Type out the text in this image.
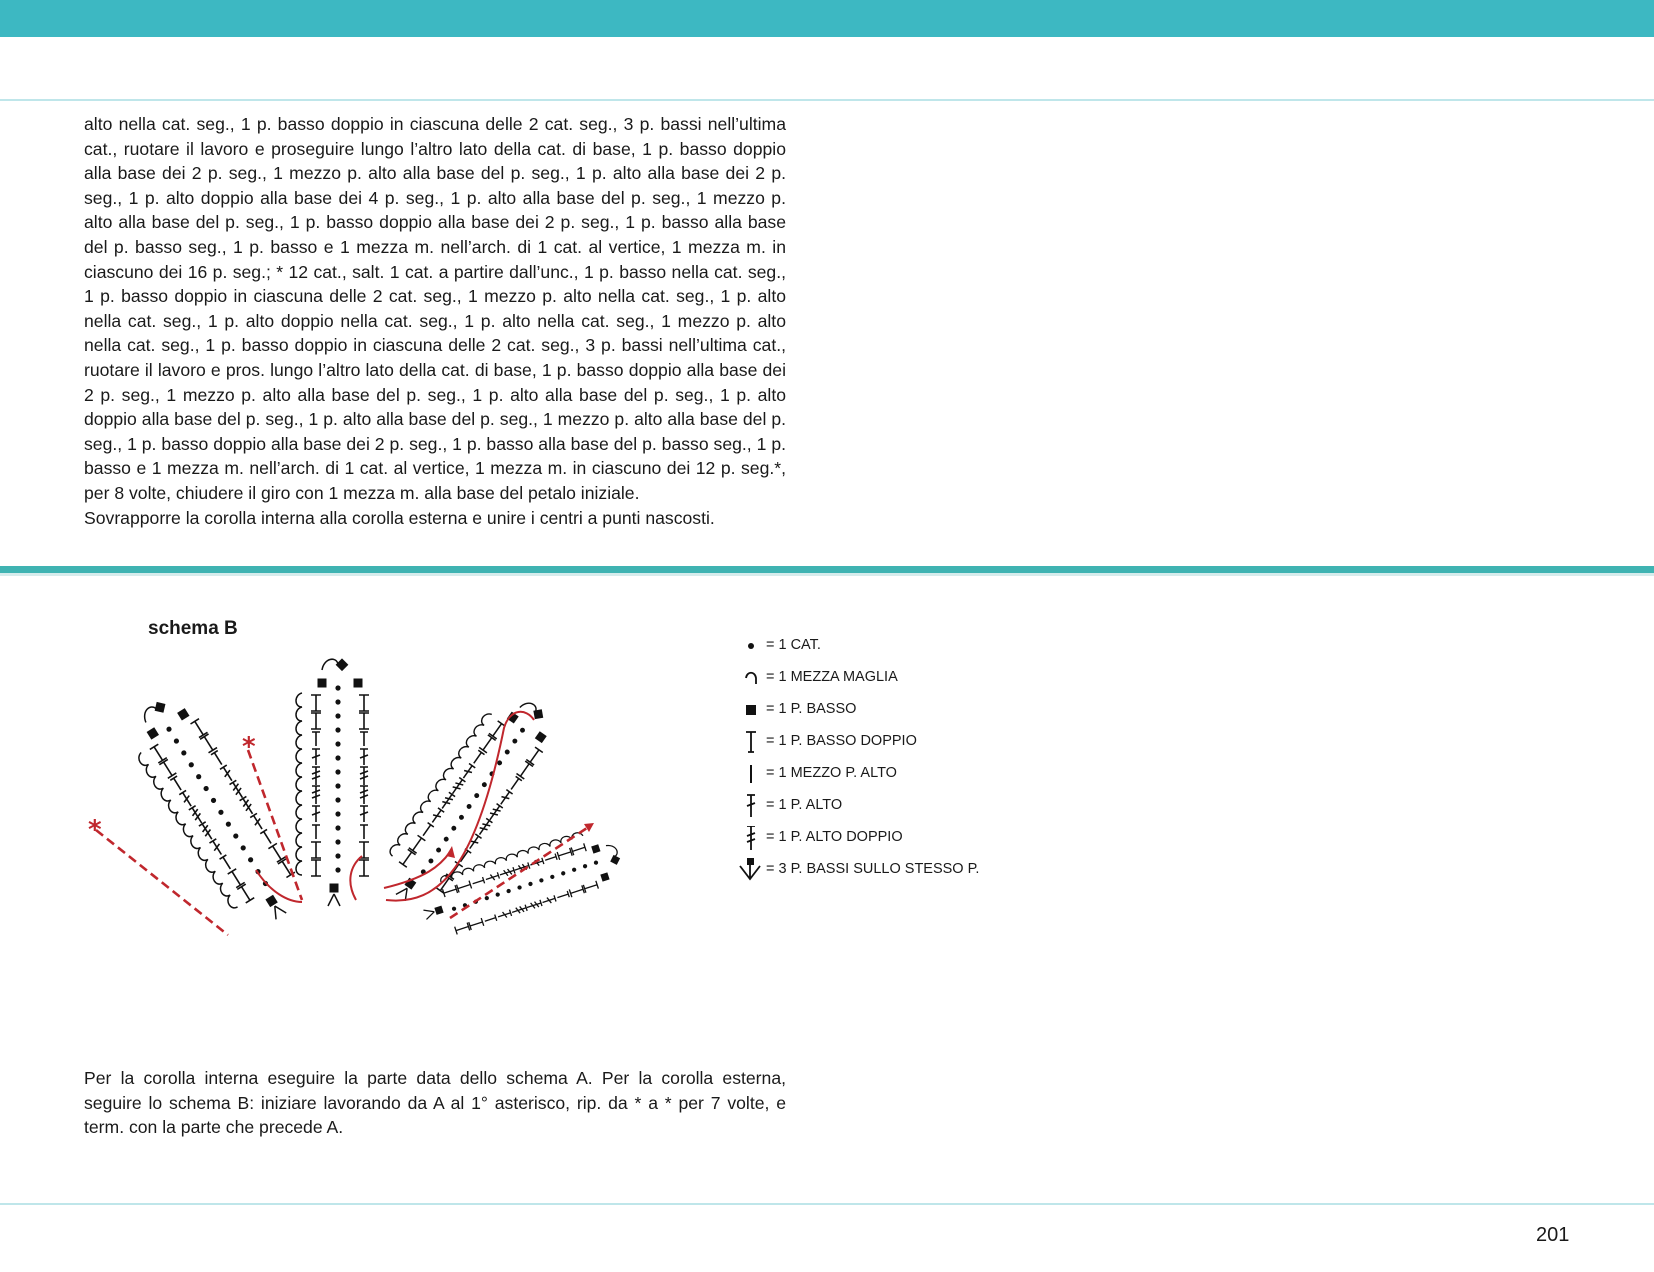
alto nella cat. seg., 1 p. basso doppio in ciascuna delle 2 cat. seg., 3 p. bassi nell’ultima cat., ruotare il lavoro e proseguire lungo l’altro lato della cat. di base, 1 p. basso doppio alla base dei 2 p. seg., 1 mezzo p. alto alla base del p. seg., 1 p. alto alla base dei 2 p. seg., 1 p. alto doppio alla base dei 4 p. seg., 1 p. alto alla base del p. seg., 1 mezzo p. alto alla base del p. seg., 1 p. basso doppio alla base dei 2 p. seg., 1 p. basso alla base del p. basso seg., 1 p. basso e 1 mezza m. nell’arch. di 1 cat. al vertice, 1 mezza m. in ciascuno dei 16 p. seg.; * 12 cat., salt. 1 cat. a partire dall’unc., 1 p. basso nella cat. seg., 1 p. basso doppio in ciascuna delle 2 cat. seg., 1 mezzo p. alto nella cat. seg., 1 p. alto nella cat. seg., 1 p. alto doppio nella cat. seg., 1 p. alto nella cat. seg., 1 mezzo p. alto nella cat. seg., 1 p. basso doppio in ciascuna delle 2 cat. seg., 3 p. bassi nell’ultima cat., ruotare il lavoro e pros. lungo l’altro lato della cat. di base, 1 p. basso doppio alla base dei 2 p. seg., 1 mezzo p. alto alla base del p. seg., 1 p. alto alla base del p. seg., 1 p. alto doppio alla base del p. seg., 1 p. alto alla base del p. seg., 1 mezzo p. alto alla base del p. seg., 1 p. basso doppio alla base dei 2 p. seg., 1 p. basso alla base del p. basso seg., 1 p. basso e 1 mezza m. nell’arch. di 1 cat. al vertice, 1 mezza m. in ciascuno dei 12 p. seg.*, per 8 volte, chiudere il giro con 1 mezza m. alla base del petalo iniziale.
Sovrapporre la corolla interna alla corolla esterna e unire i centri a punti nascosti.

schema B
*
*
= 1 CAT.
= 1 MEZZA MAGLIA
= 1 P. BASSO
= 1 P. BASSO DOPPIO
= 1 MEZZO P. ALTO
= 1 P. ALTO
= 1 P. ALTO DOPPIO
= 3 P. BASSI SULLO STESSO P.

Per la corolla interna eseguire la parte data dello schema A. Per la corolla esterna, seguire lo schema B: iniziare lavorando da A al 1° asterisco, rip. da * a * per 7 volte, e term. con la parte che precede A.

201
